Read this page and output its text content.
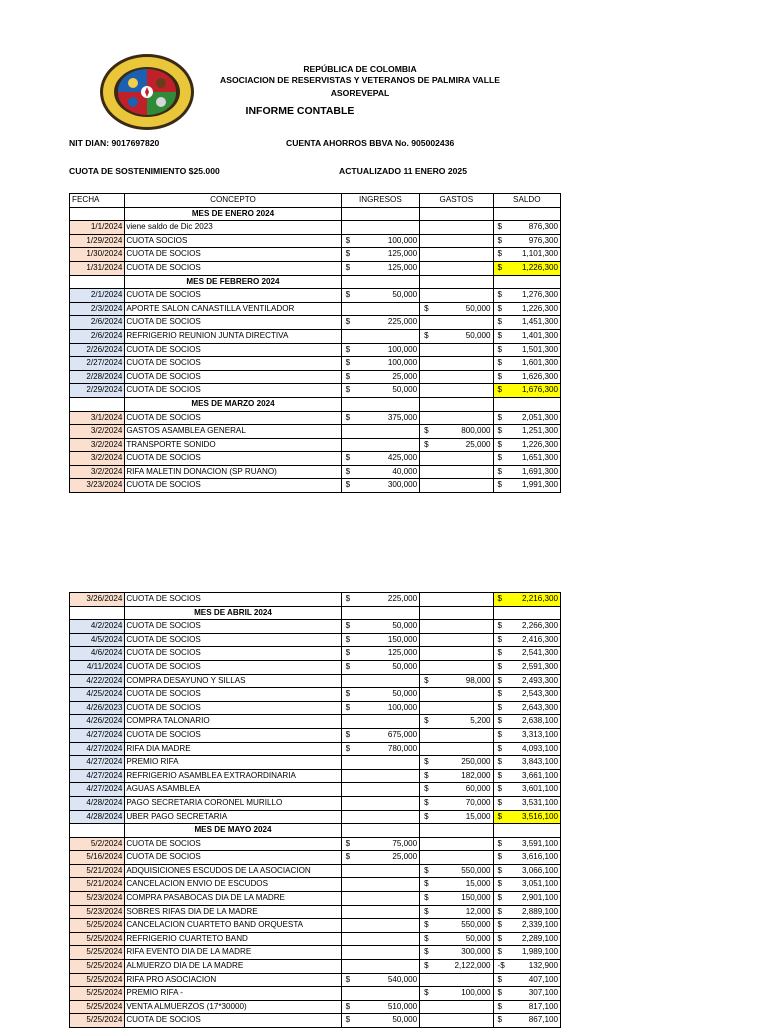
REPÚBLICA DE COLOMBIA
ASOCIACION DE RESERVISTAS Y VETERANOS DE PALMIRA VALLE
ASOREVEPAL
INFORME CONTABLE
NIT DIAN: 9017697820	CUENTA AHORROS BBVA No. 905002436
CUOTA DE SOSTENIMIENTO $25.000	ACTUALIZADO 11 ENERO 2025
FECHA	CONCEPTO	INGRESOS	GASTOS	SALDO
	MES DE ENERO 2024			
1/1/2024	viene saldo de Dic 2023			$ 876,300

1/29/2024	CUOTA SOCIOS	$ 100,000		$ 976,300

1/30/2024	CUOTA DE SOCIOS	$ 125,000		$ 1,101,300

1/31/2024	CUOTA DE SOCIOS	$ 125,000		$ 1,226,300

	MES DE FEBRERO 2024			
2/1/2024	CUOTA DE SOCIOS	$ 50,000		$ 1,276,300

2/3/2024	APORTE SALON CANASTILLA VENTILADOR		$ 50,000	$ 1,226,300

2/6/2024	CUOTA DE SOCIOS	$ 225,000		$ 1,451,300

2/6/2024	REFRIGERIO REUNION JUNTA DIRECTIVA		$ 50,000	$ 1,401,300

2/26/2024	CUOTA DE SOCIOS	$ 100,000		$ 1,501,300

2/27/2024	CUOTA DE SOCIOS	$ 100,000		$ 1,601,300

2/28/2024	CUOTA DE SOCIOS	$ 25,000		$ 1,626,300

2/29/2024	CUOTA DE SOCIOS	$ 50,000		$ 1,676,300

	MES DE MARZO 2024			
3/1/2024	CUOTA DE SOCIOS	$ 375,000		$ 2,051,300

3/2/2024	GASTOS ASAMBLEA GENERAL		$ 800,000	$ 1,251,300

3/2/2024	TRANSPORTE SONIDO		$ 25,000	$ 1,226,300

3/2/2024	CUOTA DE SOCIOS	$ 425,000		$ 1,651,300

3/2/2024	RIFA MALETIN DONACION (SP RUANO)	$ 40,000		$ 1,691,300

3/23/2024	CUOTA DE SOCIOS	$ 300,000		$ 1,991,300
3/26/2024	CUOTA DE SOCIOS	$ 225,000		$ 2,216,300

	MES DE ABRIL 2024			
4/2/2024	CUOTA DE SOCIOS	$ 50,000		$ 2,266,300

4/5/2024	CUOTA DE SOCIOS	$ 150,000		$ 2,416,300

4/6/2024	CUOTA DE SOCIOS	$ 125,000		$ 2,541,300

4/11/2024	CUOTA DE SOCIOS	$ 50,000		$ 2,591,300

4/22/2024	COMPRA DESAYUNO Y SILLAS		$ 98,000	$ 2,493,300

4/25/2024	CUOTA DE SOCIOS	$ 50,000		$ 2,543,300

4/26/2023	CUOTA DE SOCIOS	$ 100,000		$ 2,643,300

4/26/2024	COMPRA TALONARIO		$ 5,200	$ 2,638,100

4/27/2024	CUOTA DE SOCIOS	$ 675,000		$ 3,313,100

4/27/2024	RIFA DIA MADRE	$ 780,000		$ 4,093,100

4/27/2024	PREMIO RIFA		$ 250,000	$ 3,843,100

4/27/2024	REFRIGERIO ASAMBLEA EXTRAORDINARIA		$ 182,000	$ 3,661,100

4/27/2024	AGUAS ASAMBLEA		$ 60,000	$ 3,601,100

4/28/2024	PAGO SECRETARIA CORONEL MURILLO		$ 70,000	$ 3,531,100

4/28/2024	UBER PAGO SECRETARIA		$ 15,000	$ 3,516,100

	MES DE MAYO 2024			
5/2/2024	CUOTA DE SOCIOS	$ 75,000		$ 3,591,100

5/16/2024	CUOTA DE SOCIOS	$ 25,000		$ 3,616,100

5/21/2024	ADQUISICIONES ESCUDOS DE LA ASOCIACION		$ 550,000	$ 3,066,100

5/21/2024	CANCELACION ENVIO DE ESCUDOS		$ 15,000	$ 3,051,100

5/23/2024	COMPRA PASABOCAS DIA DE LA MADRE		$ 150,000	$ 2,901,100

5/23/2024	SOBRES RIFAS DIA DE LA MADRE		$ 12,000	$ 2,889,100

5/25/2024	CANCELACION CUARTETO BAND ORQUESTA		$ 550,000	$ 2,339,100

5/25/2024	REFRIGERIO CUARTETO BAND		$ 50,000	$ 2,289,100

5/25/2024	RIFA EVENTO DIA DE LA MADRE		$ 300,000	$ 1,989,100

5/25/2024	ALMUERZO DIA DE LA MADRE		$ 2,122,000	-$ 132,900

5/25/2024	RIFA PRO ASOCIACION	$ 540,000		$ 407,100

5/25/2024	PREMIO RIFA -		$ 100,000	$ 307,100

5/25/2024	VENTA ALMUERZOS (17*30000)	$ 510,000		$ 817,100

5/25/2024	CUOTA DE SOCIOS	$ 50,000		$ 867,100
